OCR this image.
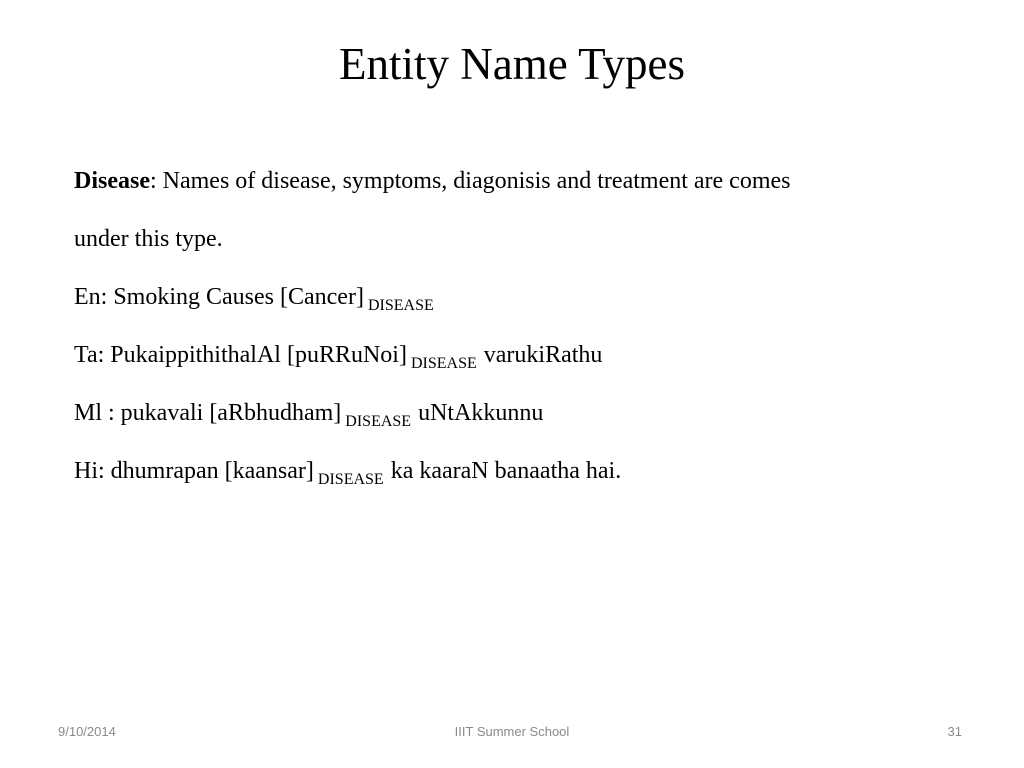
Entity Name Types
Disease: Names of disease, symptoms, diagonisis and treatment are comes
under this type.
En: Smoking Causes [Cancer] $_{DISEASE}$
Ta: PukaippithithalAl [puRRuNoi] $_{DISEASE}$ varukiRathu
Ml : pukavali [aRbhudham] $_{DISEASE}$ uNtAkkunnu
Hi: dhumrapan [kaansar] $_{DISEASE}$ ka kaaraN banaatha hai.
9/10/2014	IIIT Summer School	31
